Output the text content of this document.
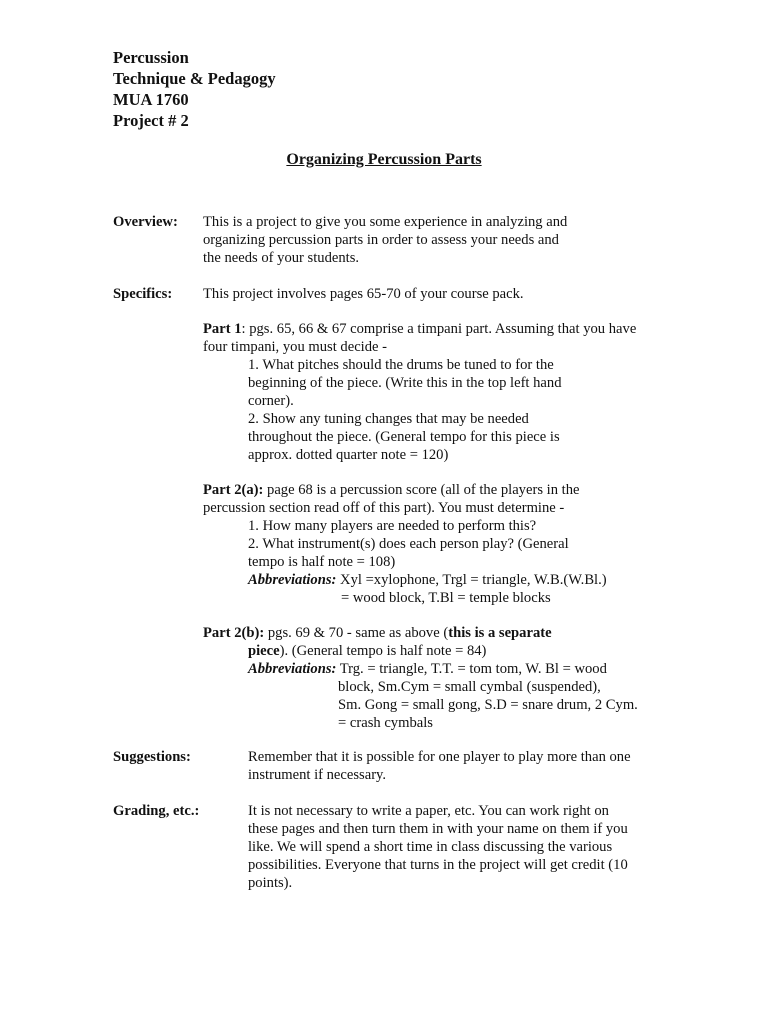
Percussion
Technique & Pedagogy
MUA 1760
Project # 2
Organizing Percussion Parts
Overview: This is a project to give you some experience in analyzing and
organizing percussion parts in order to assess your needs and
the needs of your students.
Specifics: This project involves pages 65-70 of your course pack.
Part 1: pgs. 65, 66 & 67 comprise a timpani part. Assuming that you have
four timpani, you must decide -
1. What pitches should the drums be tuned to for the
beginning of the piece. (Write this in the top left hand
corner).
2. Show any tuning changes that may be needed
throughout the piece. (General tempo for this piece is
approx. dotted quarter note = 120)
Part 2(a): page 68 is a percussion score (all of the players in the
percussion section read off of this part). You must determine -
1. How many players are needed to perform this?
2. What instrument(s) does each person play? (General
tempo is half note = 108)
Abbreviations: Xyl =xylophone, Trgl = triangle, W.B.(W.Bl.)
= wood block, T.Bl = temple blocks
Part 2(b): pgs. 69 & 70 - same as above (this is a separate
piece). (General tempo is half note = 84)
Abbreviations: Trg. = triangle, T.T. = tom tom, W. Bl = wood
block, Sm.Cym = small cymbal (suspended),
Sm. Gong = small gong, S.D = snare drum, 2 Cym.
= crash cymbals
Suggestions:	Remember that it is possible for one player to play more than one
instrument if necessary.
Grading, etc.:	It is not necessary to write a paper, etc. You can work right on
these pages and then turn them in with your name on them if you
like. We will spend a short time in class discussing the various
possibilities. Everyone that turns in the project will get credit (10
points).
